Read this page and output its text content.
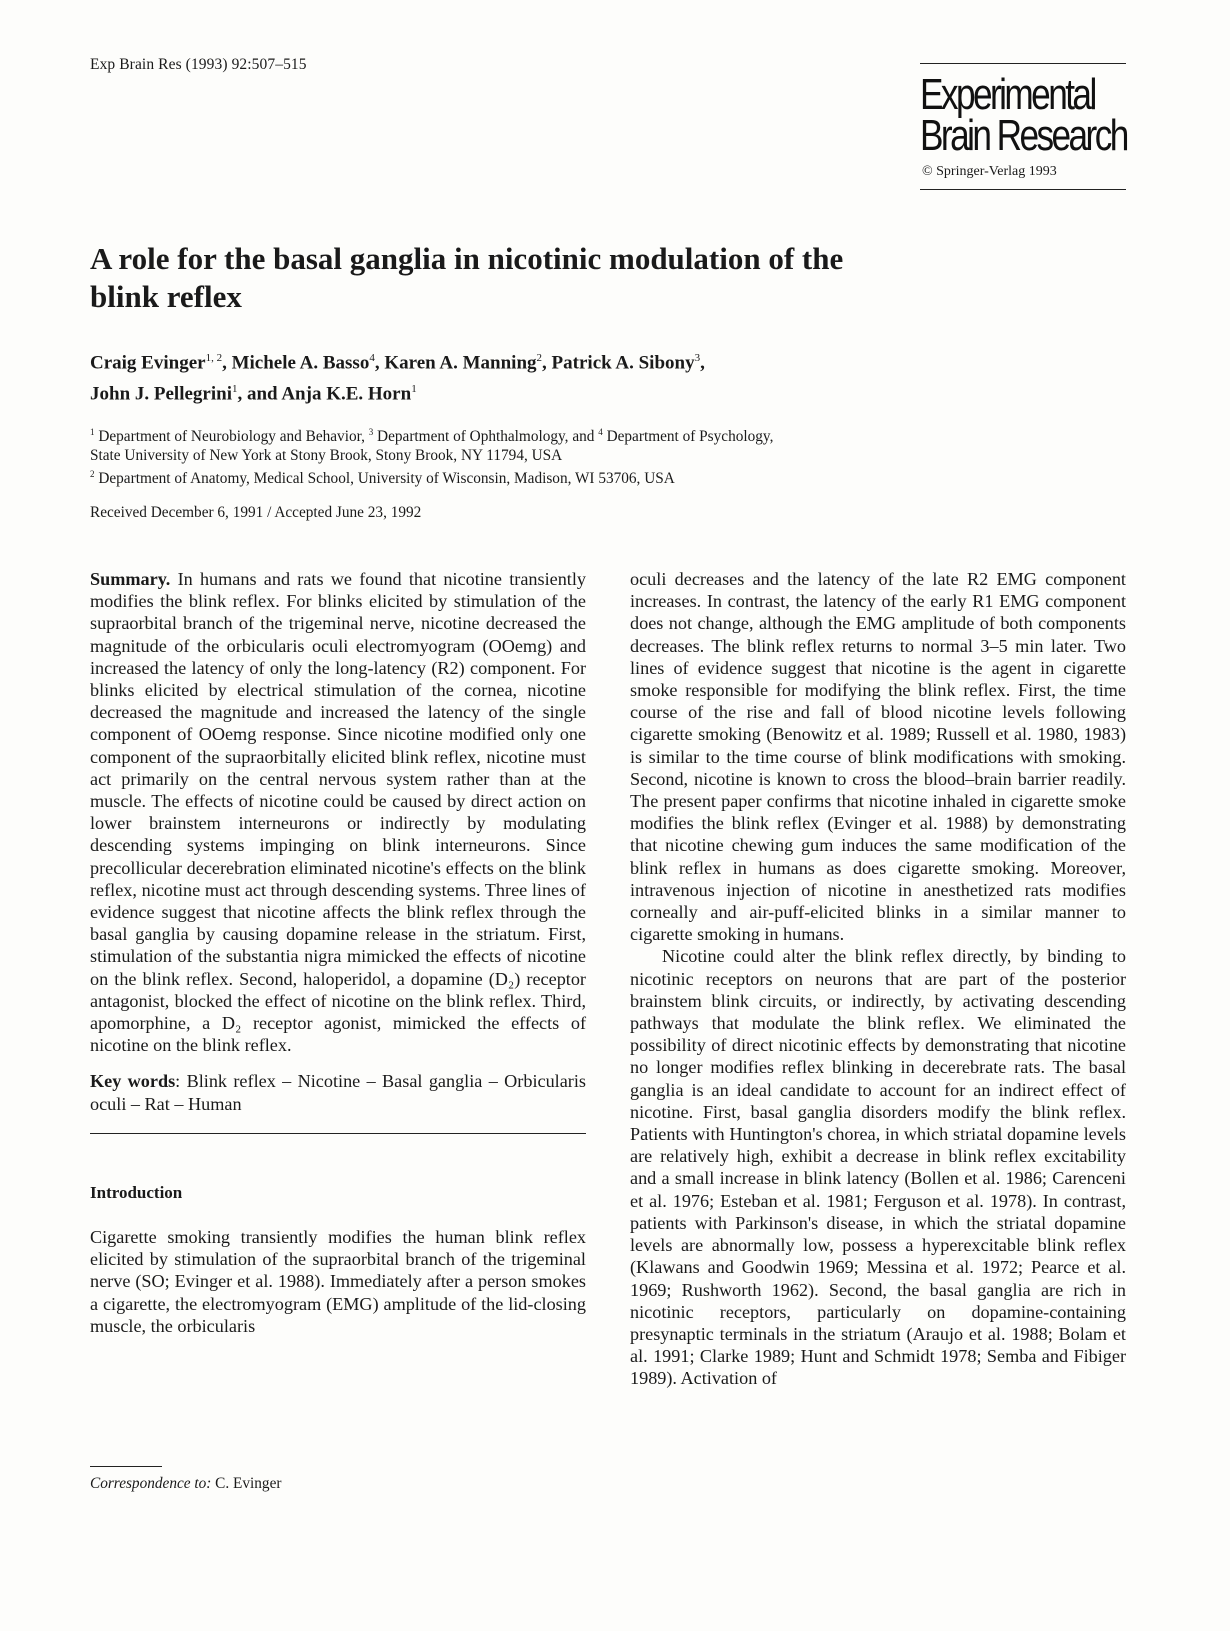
Exp Brain Res (1993) 92:507–515
Experimental
Brain Research
© Springer-Verlag 1993
A role for the basal ganglia in nicotinic modulation of the blink reflex
Craig Evinger$^{1, 2}$, Michele A. Basso$^4$, Karen A. Manning$^2$, Patrick A. Sibony$^3$,
John J. Pellegrini$^1$, and Anja K.E. Horn$^1$
$^1$ Department of Neurobiology and Behavior, $^3$ Department of Ophthalmology, and $^4$ Department of Psychology,
State University of New York at Stony Brook, Stony Brook, NY 11794, USA
$^2$ Department of Anatomy, Medical School, University of Wisconsin, Madison, WI 53706, USA
Received December 6, 1991 / Accepted June 23, 1992

Summary. In humans and rats we found that nicotine transiently modifies the blink reflex. For blinks elicited by stimulation of the supraorbital branch of the trigeminal nerve, nicotine decreased the magnitude of the orbicularis oculi electromyogram (OOemg) and increased the latency of only the long-latency (R2) component. For blinks elicited by electrical stimulation of the cornea, nicotine decreased the magnitude and increased the latency of the single component of OOemg response. Since nicotine modified only one component of the supraorbitally elicited blink reflex, nicotine must act primarily on the central nervous system rather than at the muscle. The effects of nicotine could be caused by direct action on lower brainstem interneurons or indirectly by modulating descending systems impinging on blink interneurons. Since precollicular decerebration eliminated nicotine's effects on the blink reflex, nicotine must act through descending systems. Three lines of evidence suggest that nicotine affects the blink reflex through the basal ganglia by causing dopamine release in the striatum. First, stimulation of the substantia nigra mimicked the effects of nicotine on the blink reflex. Second, haloperidol, a dopamine (D₂) receptor antagonist, blocked the effect of nicotine on the blink reflex. Third, apomorphine, a D₂ receptor agonist, mimicked the effects of nicotine on the blink reflex.

Key words: Blink reflex – Nicotine – Basal ganglia – Orbicularis oculi – Rat – Human

Introduction

Cigarette smoking transiently modifies the human blink reflex elicited by stimulation of the supraorbital branch of the trigeminal nerve (SO; Evinger et al. 1988). Immediately after a person smokes a cigarette, the electromyogram (EMG) amplitude of the lid-closing muscle, the orbicularis

oculi decreases and the latency of the late R2 EMG component increases. In contrast, the latency of the early R1 EMG component does not change, although the EMG amplitude of both components decreases. The blink reflex returns to normal 3–5 min later. Two lines of evidence suggest that nicotine is the agent in cigarette smoke responsible for modifying the blink reflex. First, the time course of the rise and fall of blood nicotine levels following cigarette smoking (Benowitz et al. 1989; Russell et al. 1980, 1983) is similar to the time course of blink modifications with smoking. Second, nicotine is known to cross the blood–brain barrier readily. The present paper confirms that nicotine inhaled in cigarette smoke modifies the blink reflex (Evinger et al. 1988) by demonstrating that nicotine chewing gum induces the same modification of the blink reflex in humans as does cigarette smoking. Moreover, intravenous injection of nicotine in anesthetized rats modifies corneally and air-puff-elicited blinks in a similar manner to cigarette smoking in humans.

Nicotine could alter the blink reflex directly, by binding to nicotinic receptors on neurons that are part of the posterior brainstem blink circuits, or indirectly, by activating descending pathways that modulate the blink reflex. We eliminated the possibility of direct nicotinic effects by demonstrating that nicotine no longer modifies reflex blinking in decerebrate rats. The basal ganglia is an ideal candidate to account for an indirect effect of nicotine. First, basal ganglia disorders modify the blink reflex. Patients with Huntington's chorea, in which striatal dopamine levels are relatively high, exhibit a decrease in blink reflex excitability and a small increase in blink latency (Bollen et al. 1986; Carenceni et al. 1976; Esteban et al. 1981; Ferguson et al. 1978). In contrast, patients with Parkinson's disease, in which the striatal dopamine levels are abnormally low, possess a hyperexcitable blink reflex (Klawans and Goodwin 1969; Messina et al. 1972; Pearce et al. 1969; Rushworth 1962). Second, the basal ganglia are rich in nicotinic receptors, particularly on dopamine-containing presynaptic terminals in the striatum (Araujo et al. 1988; Bolam et al. 1991; Clarke 1989; Hunt and Schmidt 1978; Semba and Fibiger 1989). Activation of

Correspondence to: C. Evinger
